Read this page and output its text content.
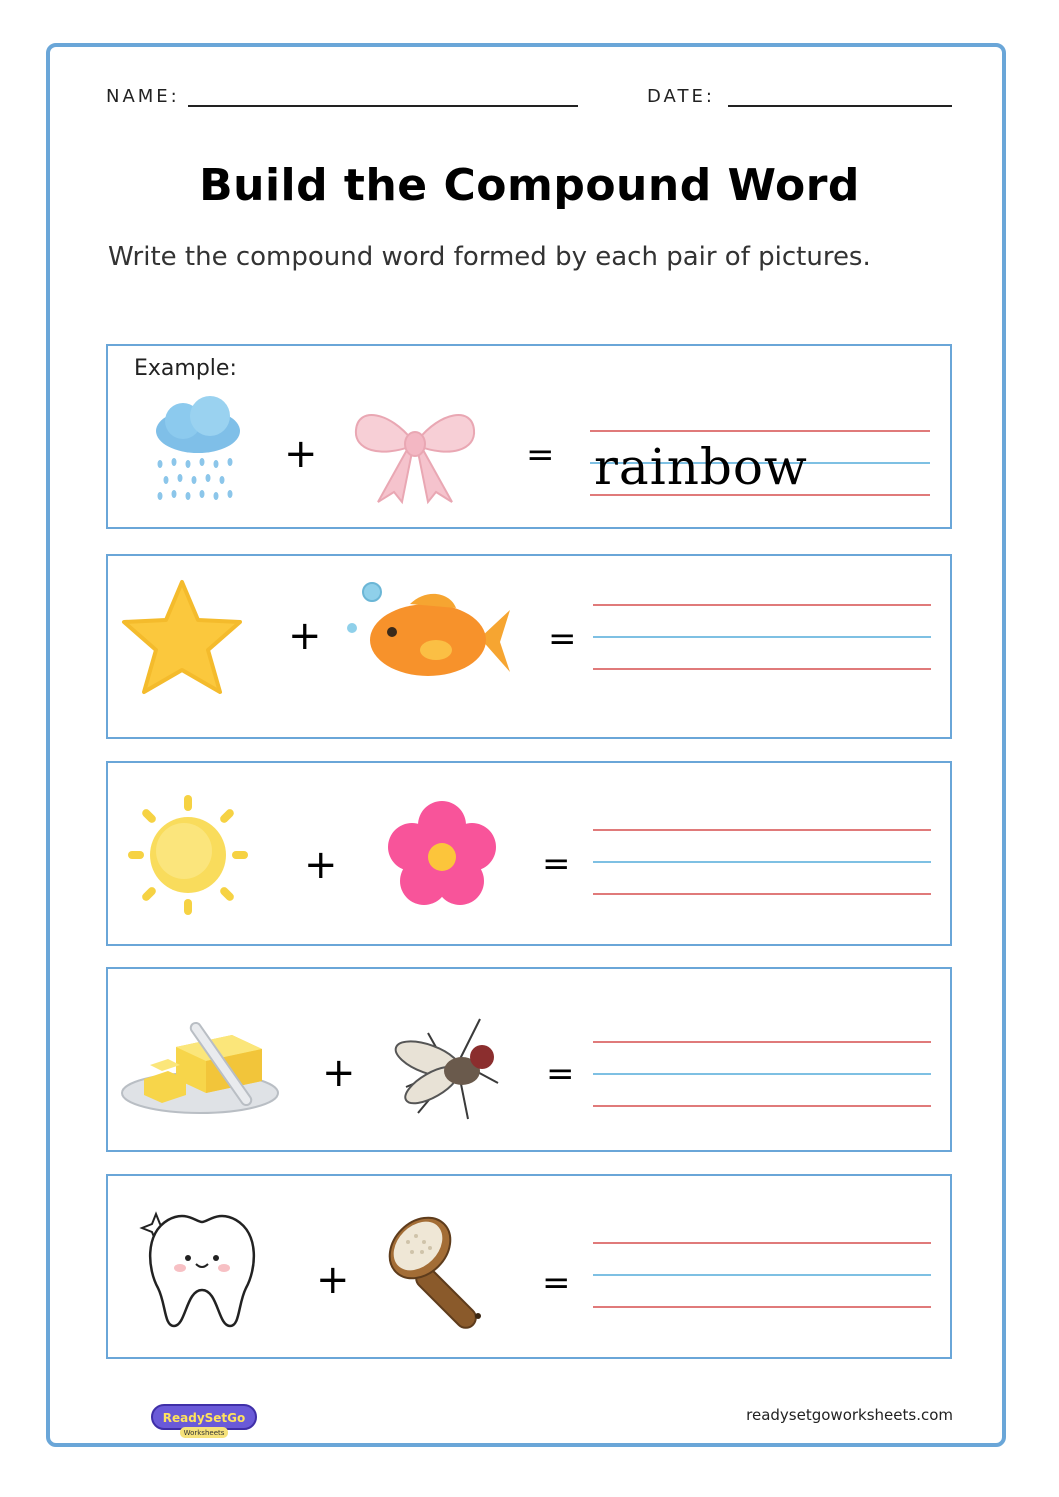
NAME:	DATE:
Build the Compound Word
Write the compound word formed by each pair of pictures.
Example:
+	= rainbow
+	=
+	=
+	=
+	=
ReadySetGo
Worksheets
readysetgoworksheets.com
